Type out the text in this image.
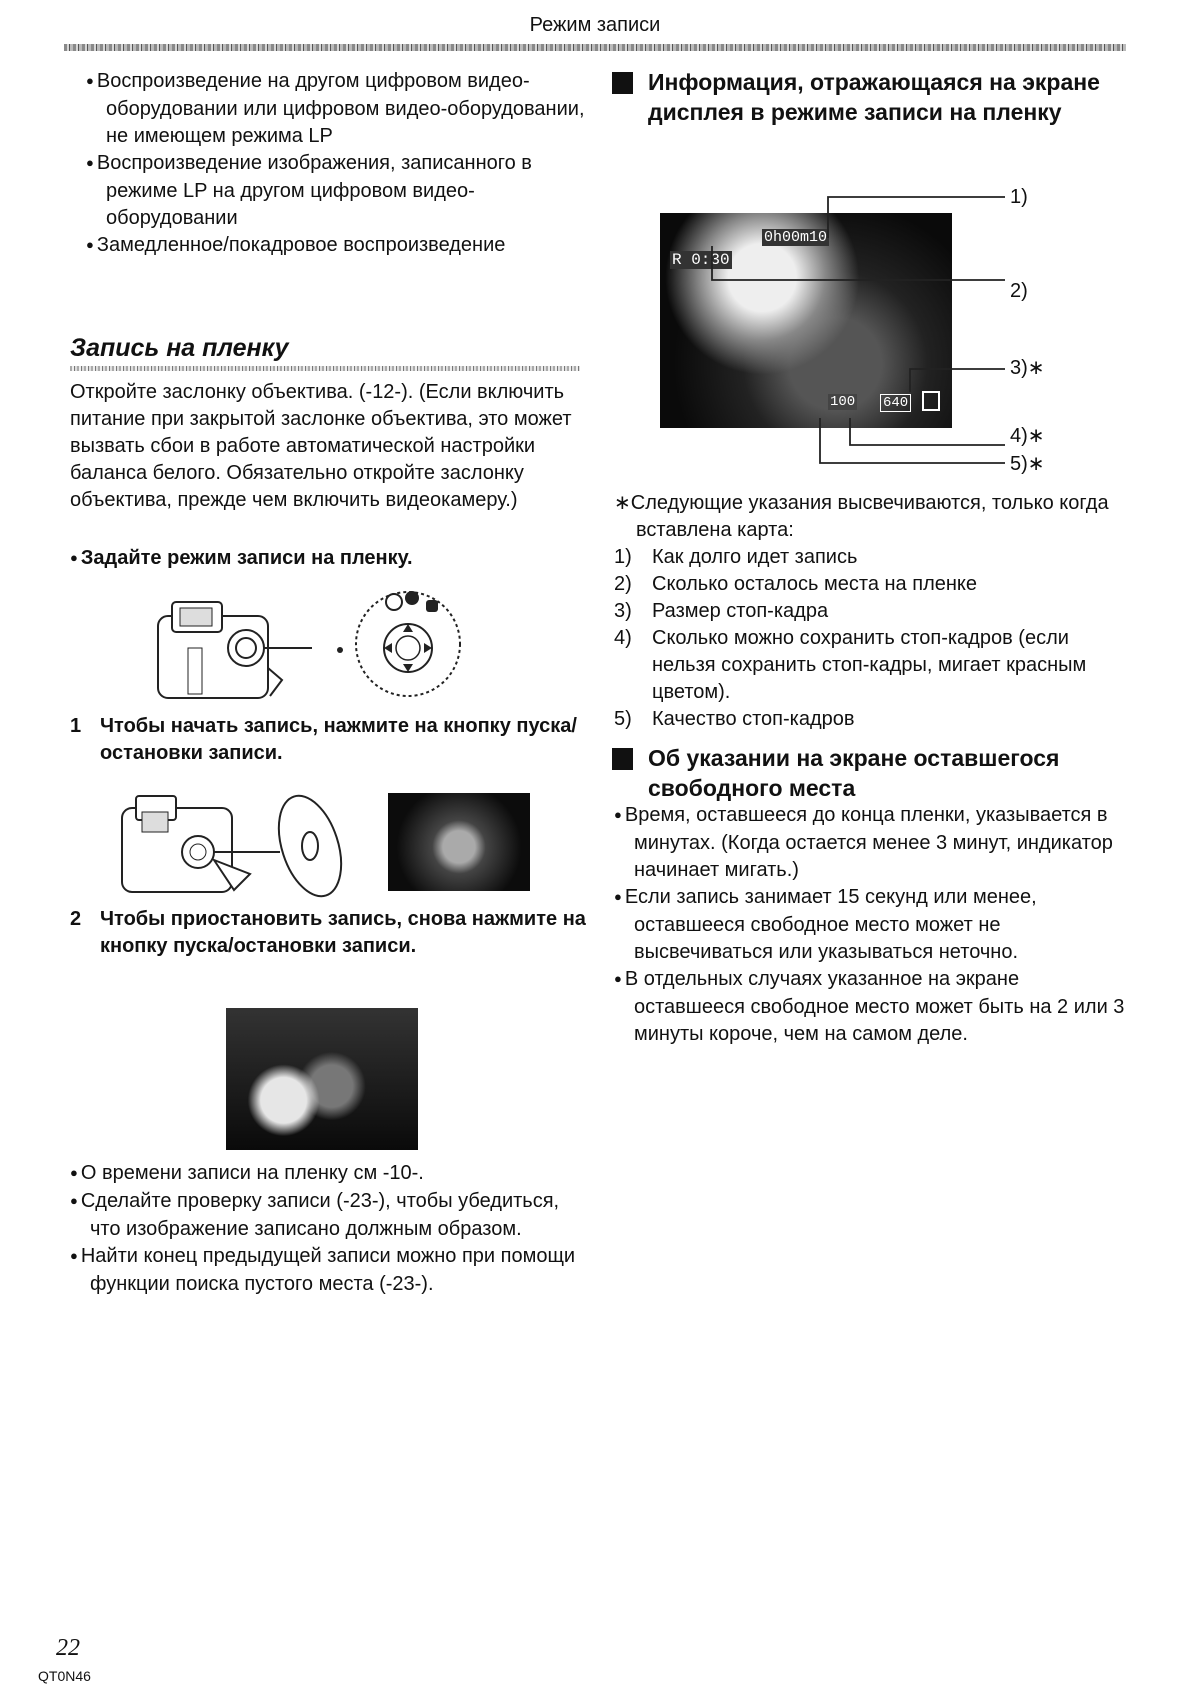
Режим записи
● Воспроизведение на другом цифровом видео-оборудовании или цифровом видео-оборудовании, не имеющем режима LP
● Воспроизведение изображения, записанного в режиме LP на другом цифровом видео-оборудовании
● Замедленное/покадровое воспроизведение
Запись на пленку
Откройте заслонку объектива. (-12-). (Если включить питание при закрытой заслонке объектива, это может вызвать сбои в работе автоматической настройки баланса белого. Обязательно откройте заслонку объектива, прежде чем включить видеокамеру.)
● Задайте режим записи на пленку.
1 Чтобы начать запись, нажмите на кнопку пуска/остановки записи.
2 Чтобы приостановить запись, снова нажмите на кнопку пуска/остановки записи.
● О времени записи на пленку см -10-.
● Сделайте проверку записи (-23-), чтобы убедиться, что изображение записано должным образом.
● Найти конец предыдущей записи можно при помощи функции поиска пустого места (-23-).
Информация, отражающаяся на экране дисплея в режиме записи на пленку
0h00m10
R 0:30
100 640
1)
2)
3)∗
4)∗
5)∗
∗Следующие указания высвечиваются, только когда вставлена карта:
1) Как долго идет запись
2) Сколько осталось места на пленке
3) Размер стоп-кадра
4) Сколько можно сохранить стоп-кадров (если нельзя сохранить стоп-кадры, мигает красным цветом).
5) Качество стоп-кадров
Об указании на экране оставшегося свободного места
● Время, оставшееся до конца пленки, указывается в минутах. (Когда остается менее 3 минут, индикатор начинает мигать.)
● Если запись занимает 15 секунд или менее, оставшееся свободное место может не высвечиваться или указываться неточно.
● В отдельных случаях указанное на экране оставшееся свободное место может быть на 2 или 3 минуты короче, чем на самом деле.
22
QT0N46
